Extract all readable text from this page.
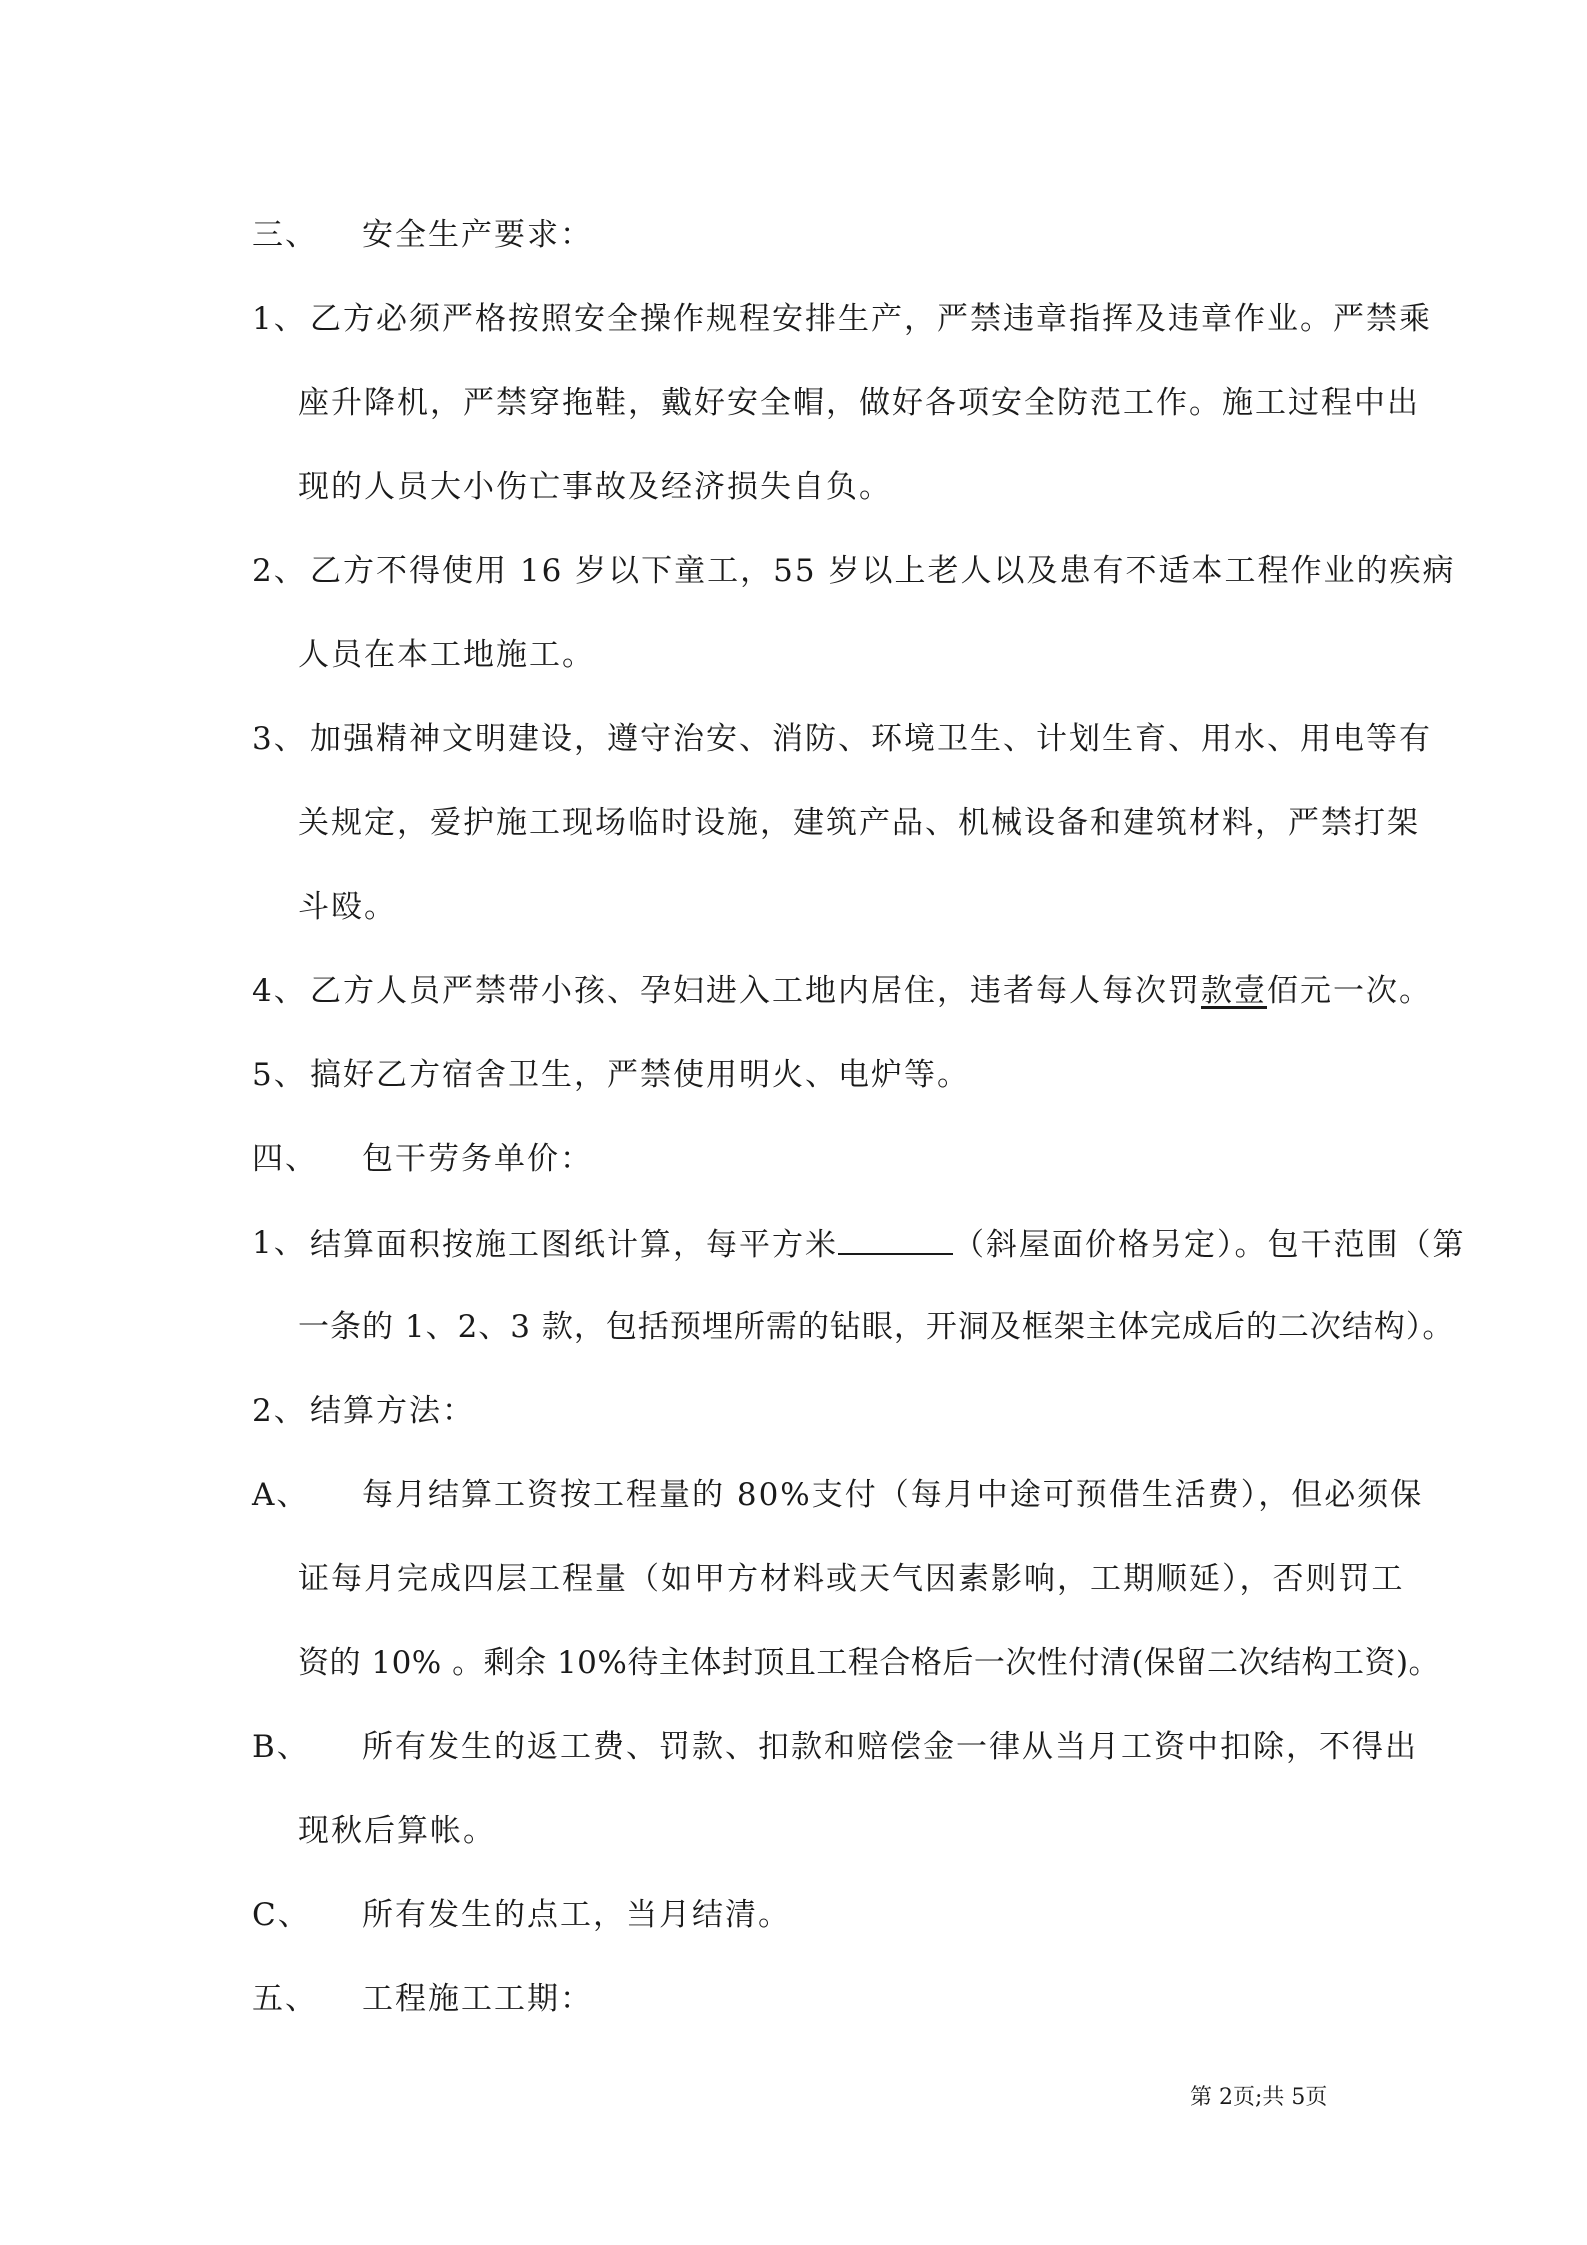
三、 安全生产要求：
1、 乙方必须严格按照安全操作规程安排生产，严禁违章指挥及违章作业。严禁乘
座升降机，严禁穿拖鞋，戴好安全帽，做好各项安全防范工作。施工过程中出
现的人员大小伤亡事故及经济损失自负。
2、 乙方不得使用 16 岁以下童工，55 岁以上老人以及患有不适本工程作业的疾病
人员在本工地施工。
3、 加强精神文明建设，遵守治安、消防、环境卫生、计划生育、用水、用电等有
关规定，爱护施工现场临时设施，建筑产品、机械设备和建筑材料，严禁打架
斗殴。
4、 乙方人员严禁带小孩、孕妇进入工地内居住，违者每人每次罚款壹佰元一次。
5、 搞好乙方宿舍卫生，严禁使用明火、电炉等。
四、 包干劳务单价：
1、 结算面积按施工图纸计算，每平方米	（斜屋面价格另定）。包干范围（第
一条的 1、2、3 款，包括预埋所需的钻眼，开洞及框架主体完成后的二次结构）。
2、 结算方法：
A、 每月结算工资按工程量的 80%支付（每月中途可预借生活费），但必须保
证每月完成四层工程量（如甲方材料或天气因素影响，工期顺延），否则罚工
资的 10% 。剩余 10%待主体封顶且工程合格后一次性付清(保留二次结构工资)。
B、 所有发生的返工费、罚款、扣款和赔偿金一律从当月工资中扣除，不得出
现秋后算帐。
C、 所有发生的点工，当月结清。
五、 工程施工工期：
第 2页;共 5页
